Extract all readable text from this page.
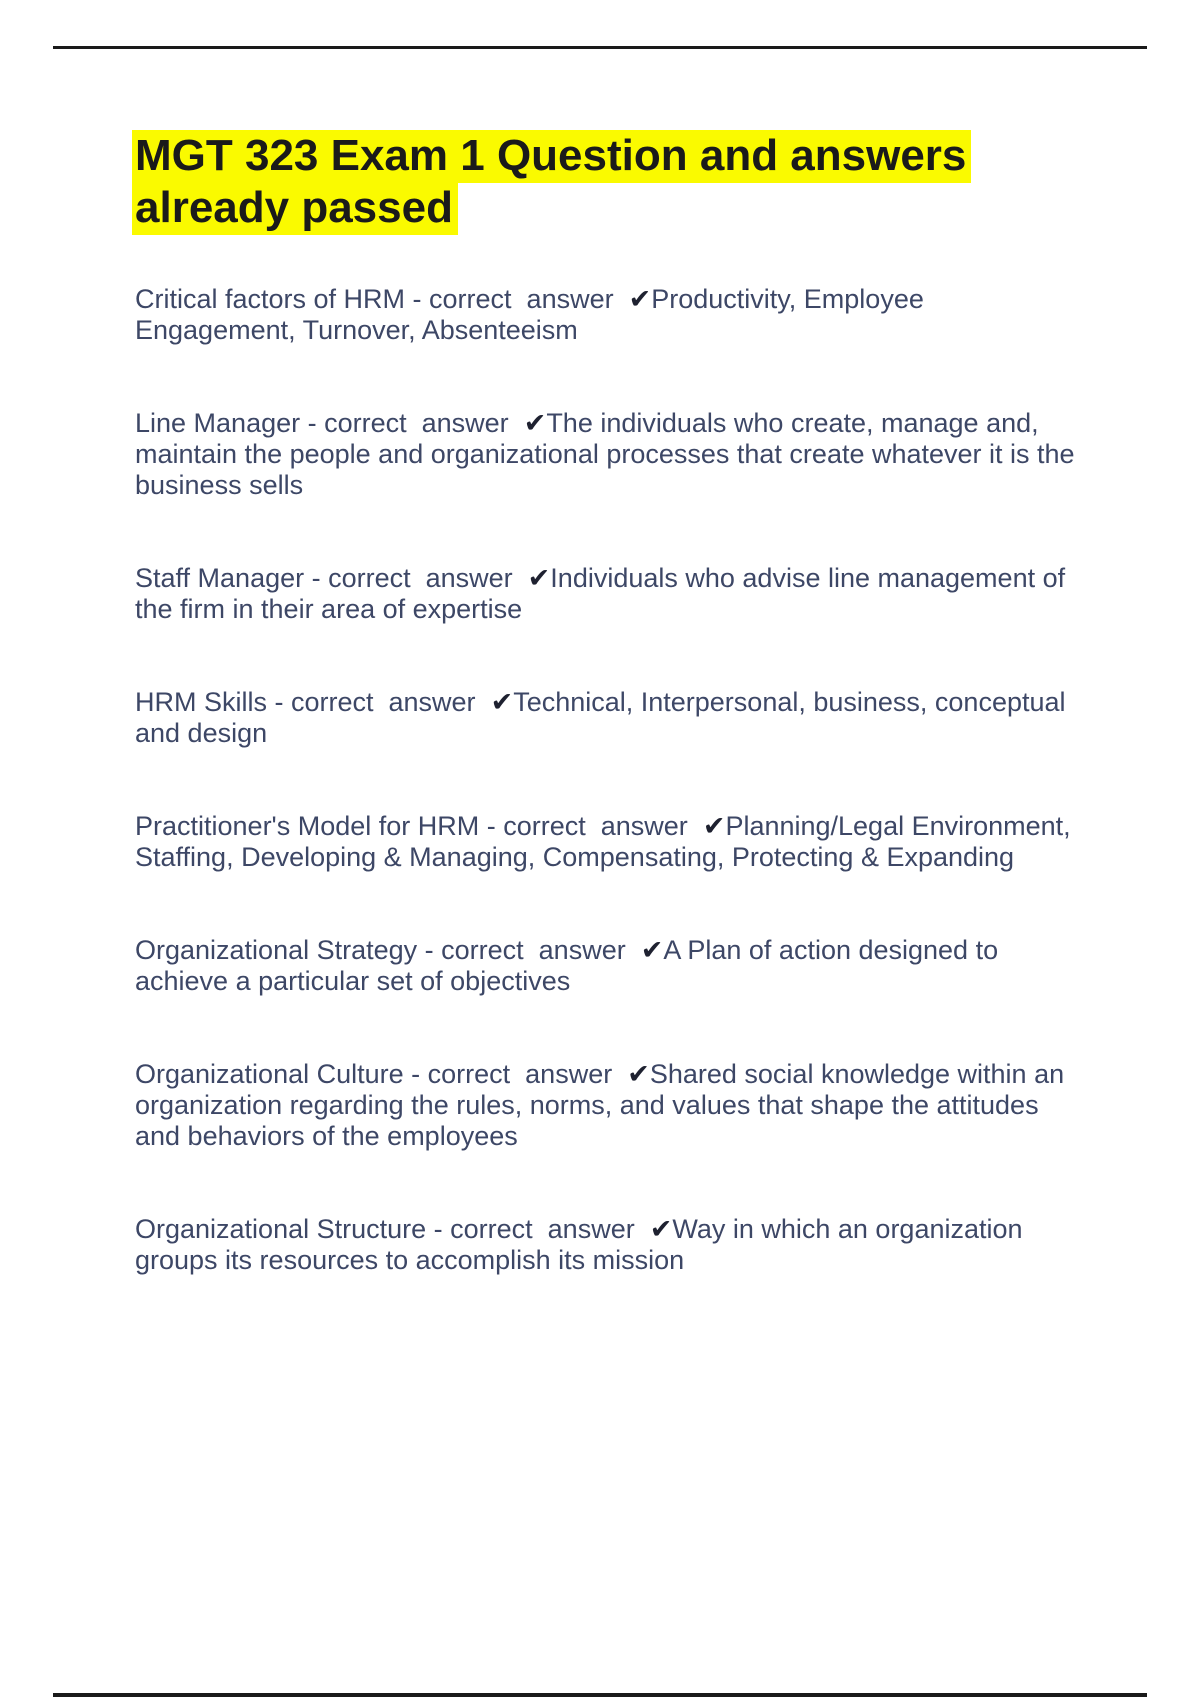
MGT 323 Exam 1 Question and answers already passed

Critical factors of HRM - correct  answer  ✔Productivity, Employee Engagement, Turnover, Absenteeism

Line Manager - correct  answer  ✔The individuals who create, manage and, maintain the people and organizational processes that create whatever it is the business sells

Staff Manager - correct  answer  ✔Individuals who advise line management of the firm in their area of expertise

HRM Skills - correct  answer  ✔Technical, Interpersonal, business, conceptual and design

Practitioner's Model for HRM - correct  answer  ✔Planning/Legal Environment, Staffing, Developing & Managing, Compensating, Protecting & Expanding

Organizational Strategy - correct  answer  ✔A Plan of action designed to achieve a particular set of objectives

Organizational Culture - correct  answer  ✔Shared social knowledge within an organization regarding the rules, norms, and values that shape the attitudes and behaviors of the employees

Organizational Structure - correct  answer  ✔Way in which an organization groups its resources to accomplish its mission
